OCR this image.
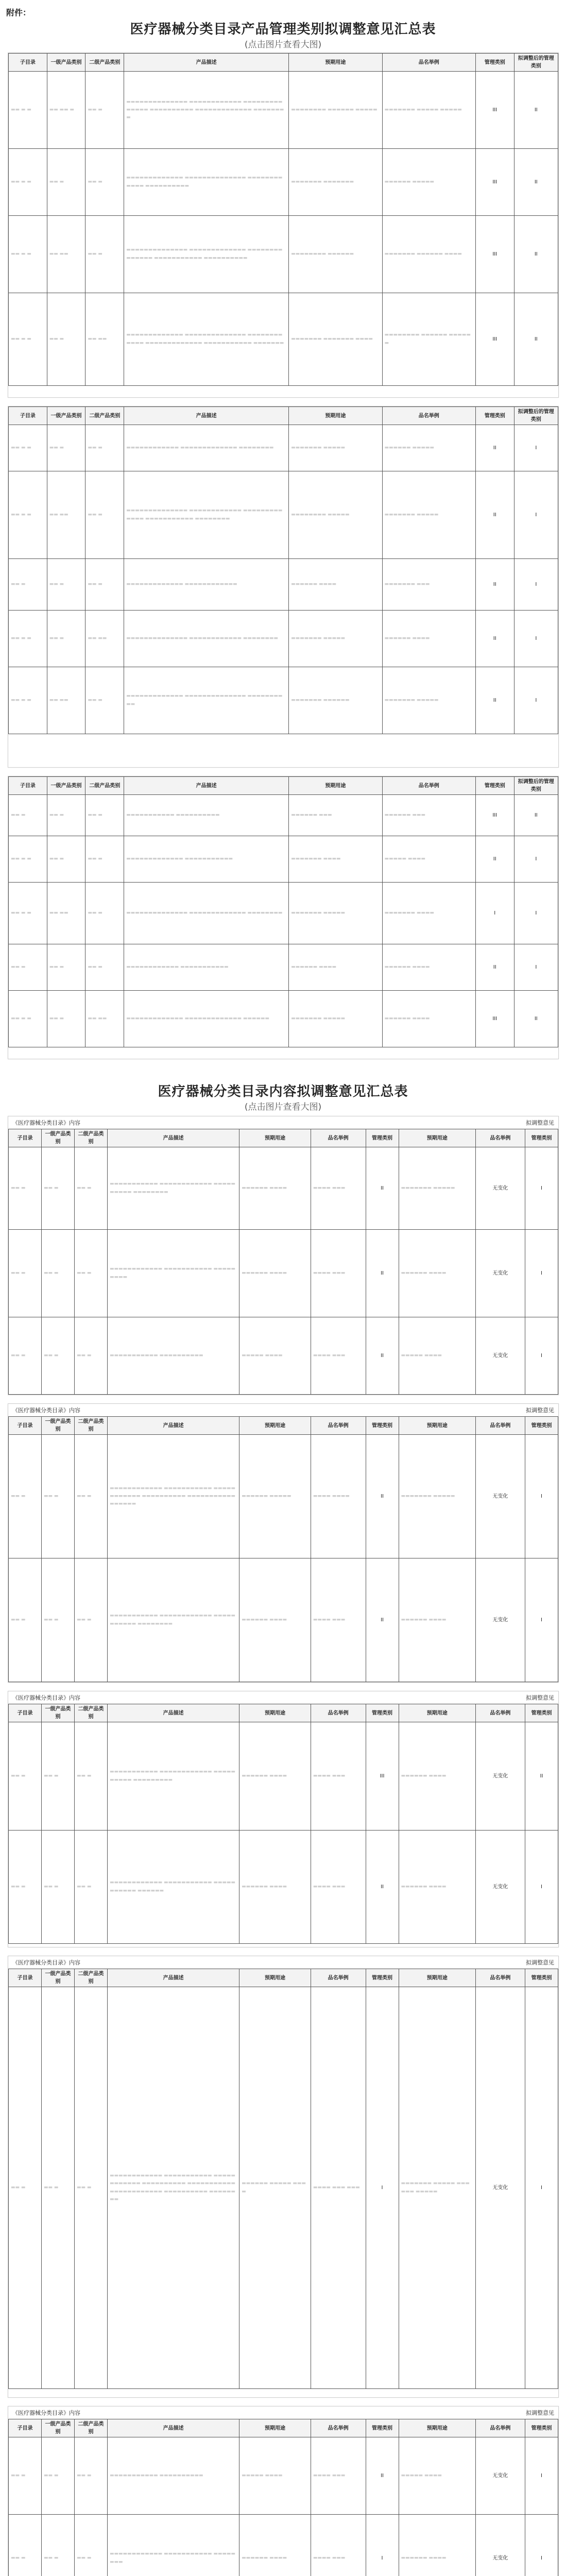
附件：
医疗器械分类目录产品管理类别拟调整意见汇总表
(点击图片查看大图)
子目录	一级产品类别	二级产品类别	产品描述	预期用途	品名举例	管理类别	拟调整后的管理类别
▬▬ ▬ ▬	▬▬ ▬▬ ▬	▬▬ ▬	▬▬▬▬▬▬▬▬▬▬▬▬▬▬ ▬▬▬▬▬▬▬▬▬▬▬▬ ▬▬▬▬▬▬▬▬▬▬▬▬▬▬ ▬▬▬▬▬▬▬▬▬▬ ▬▬▬▬▬▬▬▬▬▬▬▬▬ ▬▬▬▬▬▬▬▬	▬▬▬▬▬▬▬▬ ▬▬▬▬▬▬ ▬▬▬▬▬	▬▬▬▬▬▬▬ ▬▬▬▬▬ ▬▬▬▬▬	III	II
▬▬ ▬ ▬	▬▬ ▬	▬▬ ▬	▬▬▬▬▬▬▬▬▬▬▬▬▬ ▬▬▬▬▬▬▬▬▬▬▬▬▬▬ ▬▬▬▬▬▬▬▬▬▬▬▬ ▬▬▬▬▬▬▬▬▬▬	▬▬▬▬▬▬▬ ▬▬▬▬▬▬▬	▬▬▬▬▬▬ ▬▬▬▬▬	III	II
▬▬ ▬ ▬	▬▬ ▬▬	▬▬ ▬	▬▬▬▬▬▬▬▬▬▬▬▬▬▬ ▬▬▬▬▬▬▬▬▬▬▬▬▬ ▬▬▬▬▬▬▬▬▬▬▬▬▬▬ ▬▬▬▬▬▬▬▬▬▬▬ ▬▬▬▬▬▬▬▬▬▬	▬▬▬▬▬▬▬▬ ▬▬▬▬▬▬	▬▬▬▬▬▬▬ ▬▬▬▬▬▬ ▬▬▬▬	III	II
▬▬ ▬ ▬	▬▬ ▬	▬▬ ▬▬	▬▬▬▬▬▬▬▬▬▬▬▬▬ ▬▬▬▬▬▬▬▬▬▬▬▬▬▬ ▬▬▬▬▬▬▬▬▬▬▬▬ ▬▬▬▬▬▬▬▬▬▬▬▬▬ ▬▬▬▬▬▬▬▬▬▬▬ ▬▬▬▬▬▬▬	▬▬▬▬▬▬▬ ▬▬▬▬▬▬▬ ▬▬▬▬	▬▬▬▬▬▬▬▬ ▬▬▬▬▬▬ ▬▬▬▬▬▬	III	II
子目录	一级产品类别	二级产品类别	产品描述	预期用途	品名举例	管理类别	拟调整后的管理类别
▬▬ ▬ ▬	▬▬ ▬	▬▬ ▬	▬▬▬▬▬▬▬▬▬▬▬▬ ▬▬▬▬▬▬▬▬▬▬▬▬▬ ▬▬▬▬▬▬▬▬	▬▬▬▬▬▬▬ ▬▬▬▬▬	▬▬▬▬▬▬ ▬▬▬▬▬	II	I
▬▬ ▬ ▬	▬▬ ▬▬	▬▬ ▬	▬▬▬▬▬▬▬▬▬▬▬▬▬▬ ▬▬▬▬▬▬▬▬▬▬▬▬ ▬▬▬▬▬▬▬▬▬▬▬▬▬ ▬▬▬▬▬▬▬▬▬▬▬ ▬▬▬▬▬▬▬▬	▬▬▬▬▬▬▬▬ ▬▬▬▬▬	▬▬▬▬▬▬▬ ▬▬▬▬▬	II	I
▬▬ ▬	▬▬ ▬	▬▬ ▬	▬▬▬▬▬▬▬▬▬▬▬▬▬ ▬▬▬▬▬▬▬▬▬▬▬▬	▬▬▬▬▬▬ ▬▬▬▬	▬▬▬▬▬▬▬ ▬▬▬	II	I
▬▬ ▬ ▬	▬▬ ▬	▬▬ ▬▬	▬▬▬▬▬▬▬▬▬▬▬▬▬▬ ▬▬▬▬▬▬▬▬▬▬▬▬ ▬▬▬▬▬▬▬▬	▬▬▬▬▬▬▬ ▬▬▬▬▬	▬▬▬▬▬▬ ▬▬▬▬	II	I
▬▬ ▬ ▬	▬▬ ▬▬	▬▬ ▬	▬▬▬▬▬▬▬▬▬▬▬▬▬ ▬▬▬▬▬▬▬▬▬▬▬▬▬▬ ▬▬▬▬▬▬▬▬▬▬	▬▬▬▬▬▬▬ ▬▬▬▬▬▬	▬▬▬▬▬▬▬ ▬▬▬▬▬	II	I
子目录	一级产品类别	二级产品类别	产品描述	预期用途	品名举例	管理类别	拟调整后的管理类别
▬▬ ▬	▬▬ ▬	▬▬ ▬	▬▬▬▬▬▬▬▬▬▬▬ ▬▬▬▬▬▬▬▬▬▬	▬▬▬▬▬▬ ▬▬▬	▬▬▬▬▬▬ ▬▬▬	III	II
▬▬ ▬ ▬	▬▬ ▬	▬▬ ▬	▬▬▬▬▬▬▬▬▬▬▬▬▬ ▬▬▬▬▬▬▬▬▬▬▬	▬▬▬▬▬▬▬ ▬▬▬▬	▬▬▬▬▬ ▬▬▬▬	II	I
▬▬ ▬ ▬	▬▬ ▬▬	▬▬ ▬	▬▬▬▬▬▬▬▬▬▬▬▬▬▬ ▬▬▬▬▬▬▬▬▬▬▬▬▬ ▬▬▬▬▬▬▬▬	▬▬▬▬▬▬▬ ▬▬▬▬▬	▬▬▬▬▬▬▬ ▬▬▬▬	I	I
▬▬ ▬	▬▬ ▬	▬▬ ▬	▬▬▬▬▬▬▬▬▬▬▬▬ ▬▬▬▬▬▬▬▬▬▬▬	▬▬▬▬▬▬ ▬▬▬▬	▬▬▬▬▬▬ ▬▬▬▬	II	I
▬▬ ▬ ▬	▬▬ ▬	▬▬ ▬▬	▬▬▬▬▬▬▬▬▬▬▬▬▬ ▬▬▬▬▬▬▬▬▬▬▬▬▬ ▬▬▬▬▬▬	▬▬▬▬▬▬▬ ▬▬▬▬▬	▬▬▬▬▬▬ ▬▬▬▬	III	II
医疗器械分类目录内容拟调整意见汇总表
(点击图片查看大图)
《医疗器械分类目录》内容	拟调整意见
子目录	一级产品类别	二级产品类别	产品描述	预期用途	品名举例	管理类别	预期用途	品名举例	管理类别
▬▬ ▬	▬▬ ▬	▬▬ ▬	▬▬▬▬▬▬▬▬▬▬▬ ▬▬▬▬▬▬▬▬▬▬▬▬ ▬▬▬▬▬▬▬▬▬▬ ▬▬▬▬▬▬▬▬	▬▬▬▬▬▬ ▬▬▬▬	▬▬▬▬ ▬▬▬	II	▬▬▬▬▬▬▬ ▬▬▬▬▬	无变化	I
▬▬ ▬	▬▬ ▬	▬▬ ▬	▬▬▬▬▬▬▬▬▬▬▬▬ ▬▬▬▬▬▬▬▬▬▬▬ ▬▬▬▬▬▬▬▬▬	▬▬▬▬▬▬ ▬▬▬▬	▬▬▬▬ ▬▬▬	II	▬▬▬▬▬▬ ▬▬▬▬	无变化	I
▬▬ ▬	▬▬ ▬	▬▬ ▬	▬▬▬▬▬▬▬▬▬▬▬ ▬▬▬▬▬▬▬▬▬▬	▬▬▬▬▬ ▬▬▬▬	▬▬▬▬ ▬▬▬	II	▬▬▬▬▬ ▬▬▬▬	无变化	I
《医疗器械分类目录》内容	拟调整意见
子目录	一级产品类别	二级产品类别	产品描述	预期用途	品名举例	管理类别	预期用途	品名举例	管理类别
▬▬ ▬	▬▬ ▬	▬▬ ▬	▬▬▬▬▬▬▬▬▬▬▬▬ ▬▬▬▬▬▬▬▬▬▬▬ ▬▬▬▬▬▬▬▬▬▬▬▬ ▬▬▬▬▬▬▬▬▬▬ ▬▬▬▬▬▬▬▬▬▬▬ ▬▬▬▬▬▬	▬▬▬▬▬▬ ▬▬▬▬▬	▬▬▬▬ ▬▬▬▬	II	▬▬▬▬▬▬▬ ▬▬▬▬▬	无变化	I
▬▬ ▬	▬▬ ▬	▬▬ ▬	▬▬▬▬▬▬▬▬▬▬▬ ▬▬▬▬▬▬▬▬▬▬▬▬ ▬▬▬▬▬▬▬▬▬▬▬ ▬▬▬▬▬▬▬▬	▬▬▬▬▬▬ ▬▬▬▬	▬▬▬▬ ▬▬▬	II	▬▬▬▬▬▬ ▬▬▬▬	无变化	I
《医疗器械分类目录》内容	拟调整意见
子目录	一级产品类别	二级产品类别	产品描述	预期用途	品名举例	管理类别	预期用途	品名举例	管理类别
▬▬ ▬	▬▬ ▬	▬▬ ▬	▬▬▬▬▬▬▬▬▬▬▬ ▬▬▬▬▬▬▬▬▬▬▬▬ ▬▬▬▬▬▬▬▬▬▬ ▬▬▬▬▬▬▬▬▬	▬▬▬▬▬▬ ▬▬▬▬	▬▬▬▬ ▬▬▬	III	▬▬▬▬▬▬ ▬▬▬▬	无变化	II
▬▬ ▬	▬▬ ▬	▬▬ ▬	▬▬▬▬▬▬▬▬▬▬▬▬ ▬▬▬▬▬▬▬▬▬▬▬ ▬▬▬▬▬▬▬▬▬▬▬ ▬▬▬▬▬▬	▬▬▬▬▬▬ ▬▬▬▬	▬▬▬▬ ▬▬▬	II	▬▬▬▬▬▬ ▬▬▬▬	无变化	I
《医疗器械分类目录》内容	拟调整意见
子目录	一级产品类别	二级产品类别	产品描述	预期用途	品名举例	管理类别	预期用途	品名举例	管理类别
▬▬ ▬	▬▬ ▬	▬▬ ▬	▬▬▬▬▬▬▬▬▬▬▬▬ ▬▬▬▬▬▬▬▬▬▬▬ ▬▬▬▬▬▬▬▬▬▬▬▬ ▬▬▬▬▬▬▬▬▬▬ ▬▬▬▬▬▬▬▬▬▬▬ ▬▬▬▬▬▬▬▬▬▬▬▬ ▬▬▬▬▬▬▬▬▬▬ ▬▬▬▬▬▬▬▬	▬▬▬▬▬▬ ▬▬▬▬▬ ▬▬▬▬	▬▬▬▬ ▬▬▬ ▬▬▬	I	▬▬▬▬▬▬▬ ▬▬▬▬▬ ▬▬▬▬▬▬ ▬▬▬▬▬	无变化	I
《医疗器械分类目录》内容	拟调整意见
子目录	一级产品类别	二级产品类别	产品描述	预期用途	品名举例	管理类别	预期用途	品名举例	管理类别
▬▬ ▬	▬▬ ▬	▬▬ ▬	▬▬▬▬▬▬▬▬▬▬▬ ▬▬▬▬▬▬▬▬▬▬	▬▬▬▬▬ ▬▬▬▬	▬▬▬▬ ▬▬▬	II	▬▬▬▬▬ ▬▬▬▬	无变化	I
▬▬ ▬	▬▬ ▬	▬▬ ▬	▬▬▬▬▬▬▬▬▬▬▬▬ ▬▬▬▬▬▬▬▬▬▬▬ ▬▬▬▬▬▬▬▬	▬▬▬▬▬▬ ▬▬▬▬	▬▬▬▬ ▬▬▬	I	▬▬▬▬▬▬ ▬▬▬▬	无变化	I
